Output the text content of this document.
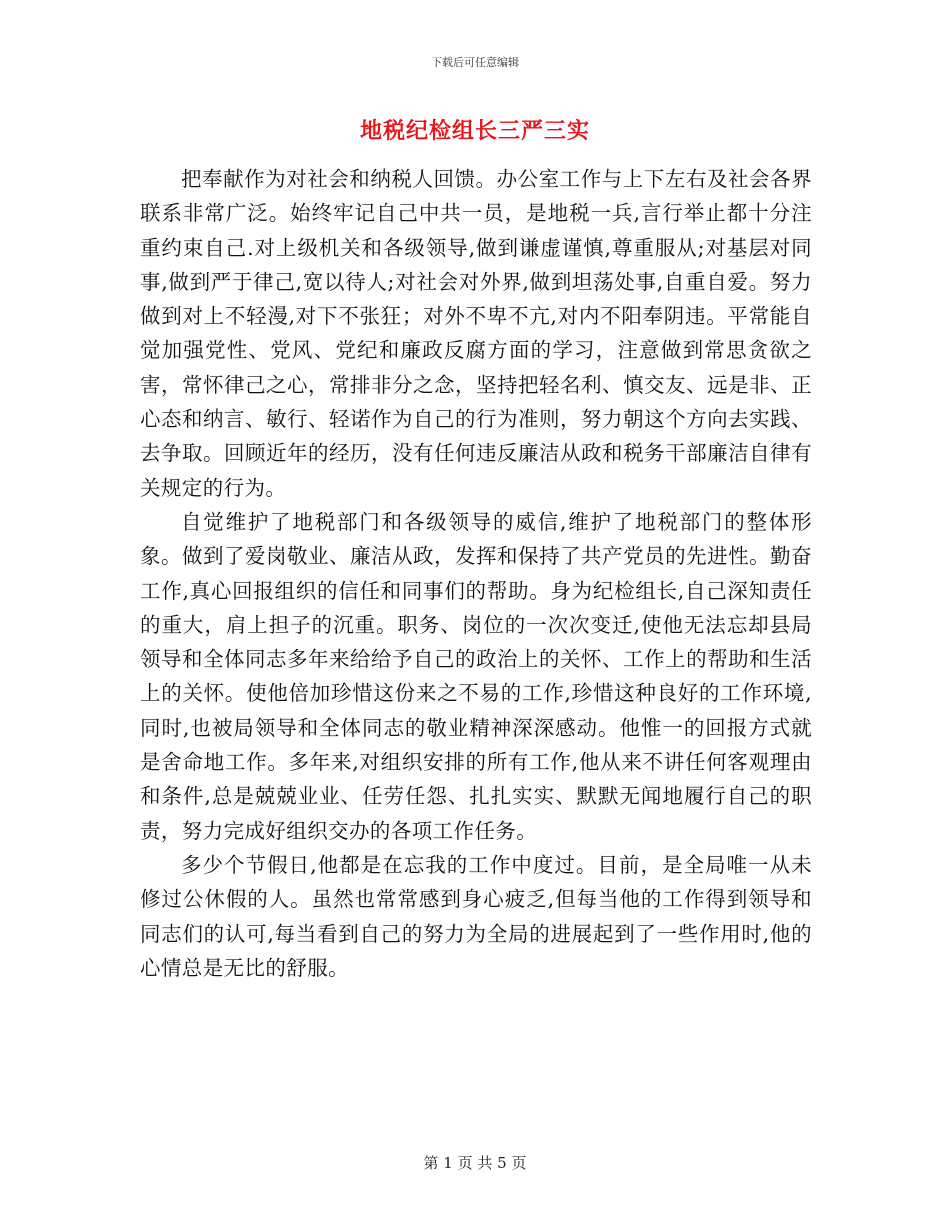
下载后可任意编辑
地税纪检组长三严三实

把奉献作为对社会和纳税人回馈。办公室工作与上下左右及社会各界联系非常广泛。始终牢记自己中共一员，是地税一兵,言行举止都十分注重约束自己.对上级机关和各级领导,做到谦虚谨慎,尊重服从;对基层对同事,做到严于律己,宽以待人;对社会对外界,做到坦荡处事,自重自爱。努力做到对上不轻漫,对下不张狂；对外不卑不亢,对内不阳奉阴违。平常能自觉加强党性、党风、党纪和廉政反腐方面的学习，注意做到常思贪欲之害，常怀律己之心，常排非分之念，坚持把轻名利、慎交友、远是非、正心态和纳言、敏行、轻诺作为自己的行为准则，努力朝这个方向去实践、去争取。回顾近年的经历，没有任何违反廉洁从政和税务干部廉洁自律有关规定的行为。

自觉维护了地税部门和各级领导的威信,维护了地税部门的整体形象。做到了爱岗敬业、廉洁从政，发挥和保持了共产党员的先进性。勤奋工作,真心回报组织的信任和同事们的帮助。身为纪检组长,自己深知责任的重大，肩上担子的沉重。职务、岗位的一次次变迁,使他无法忘却县局领导和全体同志多年来给给予自己的政治上的关怀、工作上的帮助和生活上的关怀。使他倍加珍惜这份来之不易的工作,珍惜这种良好的工作环境,同时,也被局领导和全体同志的敬业精神深深感动。他惟一的回报方式就是舍命地工作。多年来,对组织安排的所有工作,他从来不讲任何客观理由和条件,总是兢兢业业、任劳任怨、扎扎实实、默默无闻地履行自己的职责，努力完成好组织交办的各项工作任务。

多少个节假日,他都是在忘我的工作中度过。目前，是全局唯一从未修过公休假的人。虽然也常常感到身心疲乏,但每当他的工作得到领导和同志们的认可,每当看到自己的努力为全局的进展起到了一些作用时,他的心情总是无比的舒服。

第 1 页 共 5 页
